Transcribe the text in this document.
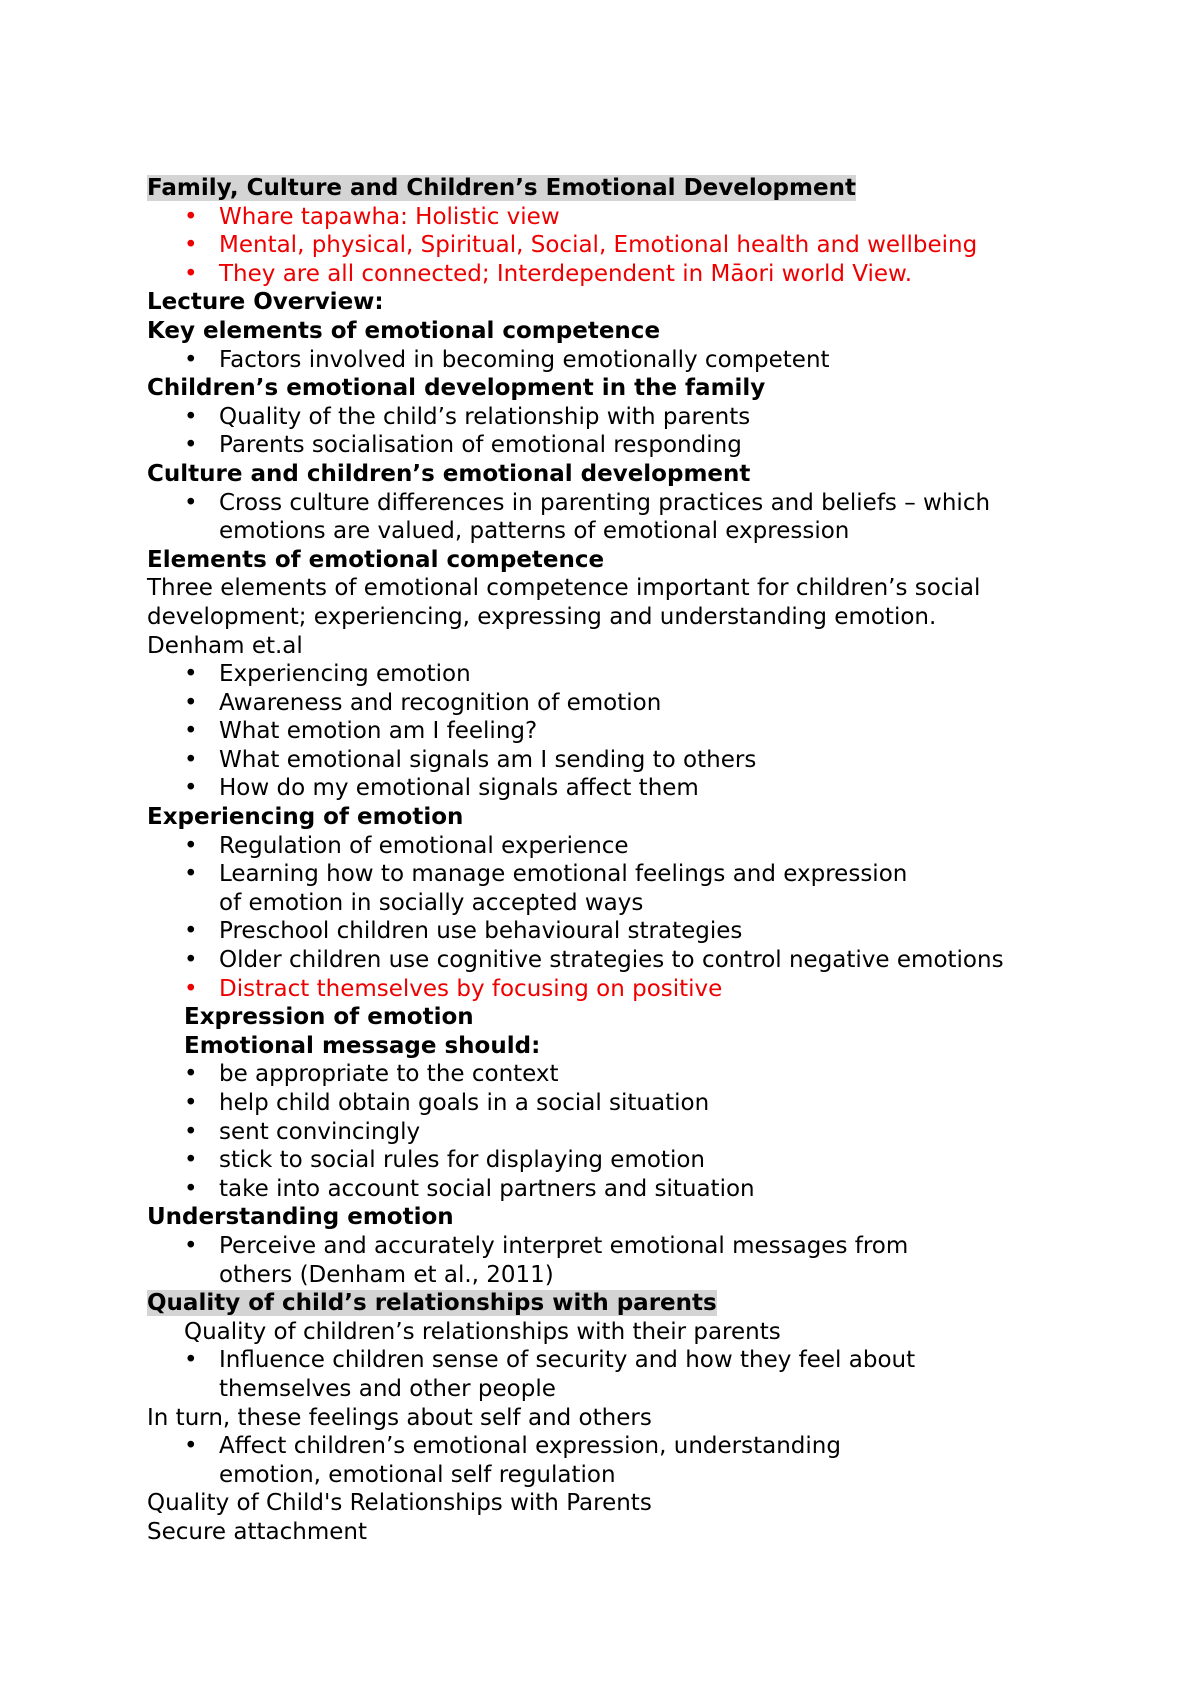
Family, Culture and Children’s Emotional Development
• Whare tapawha: Holistic view
• Mental, physical, Spiritual, Social, Emotional health and wellbeing
• They are all connected; Interdependent in Māori world View.
Lecture Overview:
Key elements of emotional competence
• Factors involved in becoming emotionally competent
Children’s emotional development in the family
• Quality of the child’s relationship with parents
• Parents socialisation of emotional responding
Culture and children’s emotional development
• Cross culture differences in parenting practices and beliefs – which emotions are valued, patterns of emotional expression
Elements of emotional competence
Three elements of emotional competence important for children’s social development; experiencing, expressing and understanding emotion.
Denham et.al
• Experiencing emotion
• Awareness and recognition of emotion
• What emotion am I feeling?
• What emotional signals am I sending to others
• How do my emotional signals affect them
Experiencing of emotion
• Regulation of emotional experience
• Learning how to manage emotional feelings and expression of emotion in socially accepted ways
• Preschool children use behavioural strategies
• Older children use cognitive strategies to control negative emotions
• Distract themselves by focusing on positive
Expression of emotion
Emotional message should:
• be appropriate to the context
• help child obtain goals in a social situation
• sent convincingly
• stick to social rules for displaying emotion
• take into account social partners and situation
Understanding emotion
• Perceive and accurately interpret emotional messages from others (Denham et al., 2011)
Quality of child’s relationships with parents
Quality of children’s relationships with their parents
• Influence children sense of security and how they feel about themselves and other people
In turn, these feelings about self and others
• Affect children’s emotional expression, understanding emotion, emotional self regulation
Quality of Child's Relationships with Parents
Secure attachment
